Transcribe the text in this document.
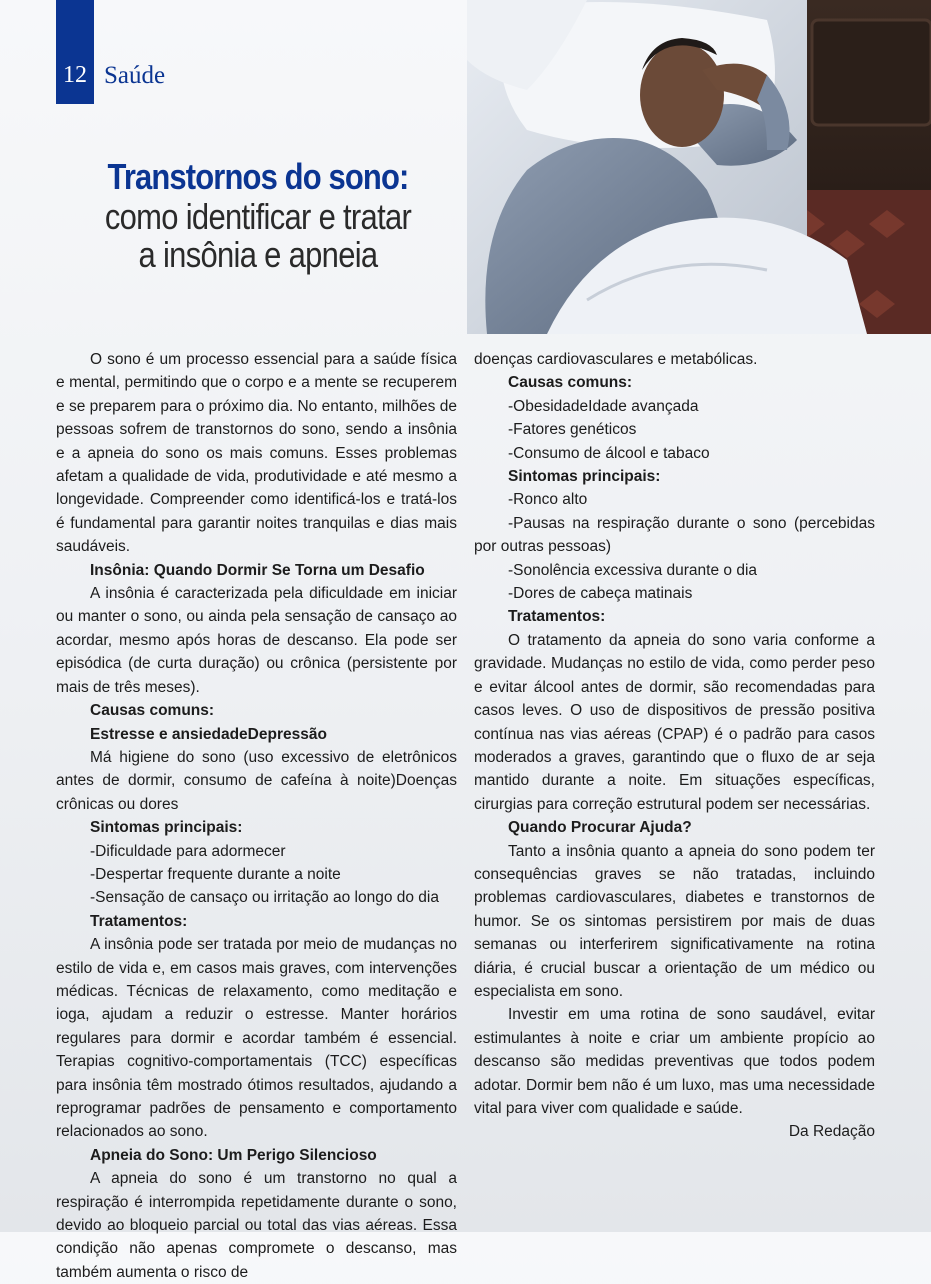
12 Saúde
Transtornos do sono:
como identificar e tratar
a insônia e apneia

O sono é um processo essencial para a saúde física e mental, permitindo que o corpo e a mente se recuperem e se preparem para o próximo dia. No entanto, milhões de pessoas sofrem de transtornos do sono, sendo a insônia e a apneia do sono os mais comuns. Esses problemas afetam a qualidade de vida, produtividade e até mesmo a longevidade. Compreender como identificá-los e tratá-los é fundamental para garantir noites tranquilas e dias mais saudáveis.

Insônia: Quando Dormir Se Torna um Desafio

A insônia é caracterizada pela dificuldade em iniciar ou manter o sono, ou ainda pela sensação de cansaço ao acordar, mesmo após horas de descanso. Ela pode ser episódica (de curta duração) ou crônica (persistente por mais de três meses).

Causas comuns:

Estresse e ansiedadeDepressão

Má higiene do sono (uso excessivo de eletrônicos antes de dormir, consumo de cafeína à noite)Doenças crônicas ou dores

Sintomas principais:

-Dificuldade para adormecer

-Despertar frequente durante a noite

-Sensação de cansaço ou irritação ao longo do dia

Tratamentos:

A insônia pode ser tratada por meio de mudanças no estilo de vida e, em casos mais graves, com intervenções médicas. Técnicas de relaxamento, como meditação e ioga, ajudam a reduzir o estresse. Manter horários regulares para dormir e acordar também é essencial. Terapias cognitivo-comportamentais (TCC) específicas para insônia têm mostrado ótimos resultados, ajudando a reprogramar padrões de pensamento e comportamento relacionados ao sono.

Apneia do Sono: Um Perigo Silencioso

A apneia do sono é um transtorno no qual a respiração é interrompida repetidamente durante o sono, devido ao bloqueio parcial ou total das vias aéreas. Essa condição não apenas compromete o descanso, mas também aumenta o risco de

doenças cardiovasculares e metabólicas.

Causas comuns:

-ObesidadeIdade avançada

-Fatores genéticos

-Consumo de álcool e tabaco

Sintomas principais:

-Ronco alto

-Pausas na respiração durante o sono (percebidas por outras pessoas)

-Sonolência excessiva durante o dia

-Dores de cabeça matinais

Tratamentos:

O tratamento da apneia do sono varia conforme a gravidade. Mudanças no estilo de vida, como perder peso e evitar álcool antes de dormir, são recomendadas para casos leves. O uso de dispositivos de pressão positiva contínua nas vias aéreas (CPAP) é o padrão para casos moderados a graves, garantindo que o fluxo de ar seja mantido durante a noite. Em situações específicas, cirurgias para correção estrutural podem ser necessárias.

Quando Procurar Ajuda?

Tanto a insônia quanto a apneia do sono podem ter consequências graves se não tratadas, incluindo problemas cardiovasculares, diabetes e transtornos de humor. Se os sintomas persistirem por mais de duas semanas ou interferirem significativamente na rotina diária, é crucial buscar a orientação de um médico ou especialista em sono.

Investir em uma rotina de sono saudável, evitar estimulantes à noite e criar um ambiente propício ao descanso são medidas preventivas que todos podem adotar. Dormir bem não é um luxo, mas uma necessidade vital para viver com qualidade e saúde.

Da Redação
